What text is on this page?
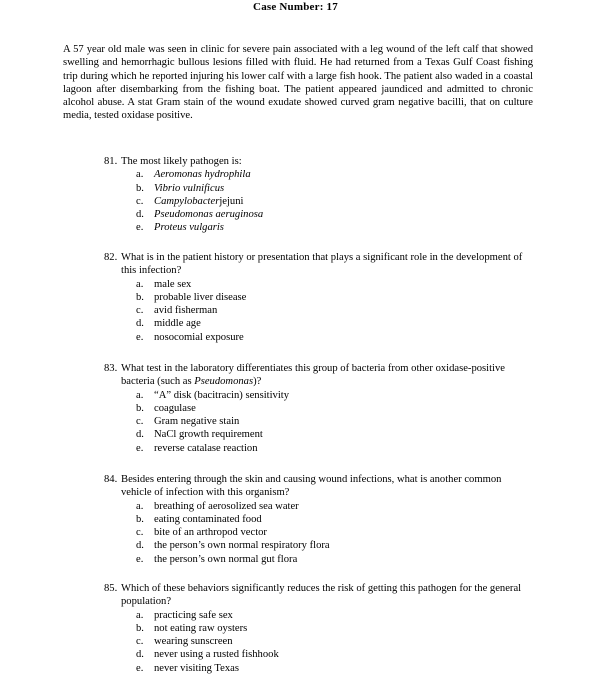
Case Number: 17

A 57 year old male was seen in clinic for severe pain associated with a leg wound of the left calf that showed swelling and hemorrhagic bullous lesions filled with fluid. He had returned from a Texas Gulf Coast fishing trip during which he reported injuring his lower calf with a large fish hook. The patient also waded in a coastal lagoon after disembarking from the fishing boat. The patient appeared jaundiced and admitted to chronic alcohol abuse. A stat Gram stain of the wound exudate showed curved gram negative bacilli, that on culture media, tested oxidase positive.

81. The most likely pathogen is:
a.	Aeromonas hydrophila
b. Vibrio vulnificus
c.	Campylobacter jejuni
d. Pseudomonas aeruginosa
e.	Proteus vulgaris
82. What is in the patient history or presentation that plays a significant role in the development of this infection?
a.	male sex
b. probable liver disease
c.	avid fisherman
d. middle age
e.	nosocomial exposure
83. What test in the laboratory differentiates this group of bacteria from other oxidase-positive bacteria (such as Pseudomonas)?
a.	“A” disk (bacitracin) sensitivity
b. coagulase
c.	Gram negative stain
d. NaCl growth requirement
e.	reverse catalase reaction
84. Besides entering through the skin and causing wound infections, what is another common vehicle of infection with this organism?
a.	breathing of aerosolized sea water
b. eating contaminated food
c.	bite of an arthropod vector
d. the person’s own normal respiratory flora
e.	the person’s own normal gut flora
85. Which of these behaviors significantly reduces the risk of getting this pathogen for the general population?
a.	practicing safe sex
b. not eating raw oysters
c.	wearing sunscreen
d. never using a rusted fishhook
e.	never visiting Texas
